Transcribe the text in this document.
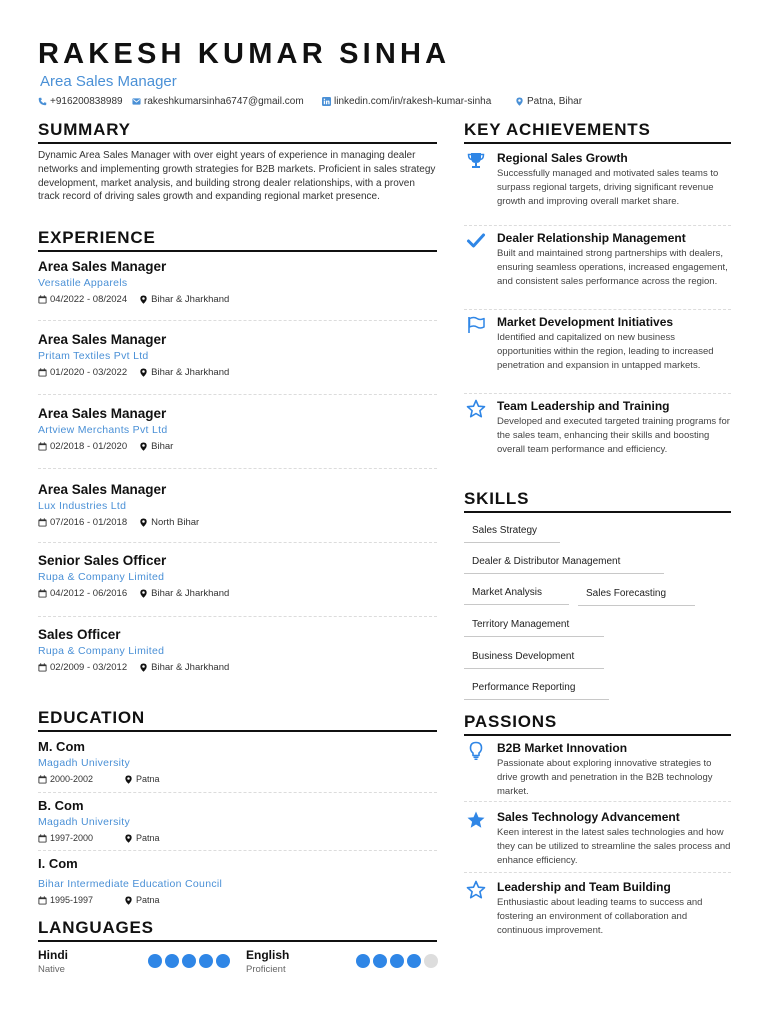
RAKESH KUMAR SINHA
Area Sales Manager
+916200838989 rakeshkumarsinha6747@gmail.com	linkedin.com/in/rakesh-kumar-sinha	Patna, Bihar
SUMMARY
Dynamic Area Sales Manager with over eight years of experience in managing dealer networks and implementing growth strategies for B2B markets. Proficient in sales strategy development, market analysis, and building strong dealer relationships, with a proven track record of driving sales growth and expanding regional market presence.
EXPERIENCE
Area Sales Manager
Versatile Apparels
04/2022 - 08/2024	Bihar & Jharkhand
Area Sales Manager
Pritam Textiles Pvt Ltd
01/2020 - 03/2022	Bihar & Jharkhand
Area Sales Manager
Artview Merchants Pvt Ltd
02/2018 - 01/2020	Bihar
Area Sales Manager
Lux Industries Ltd
07/2016 - 01/2018	North Bihar
Senior Sales Officer
Rupa & Company Limited
04/2012 - 06/2016	Bihar & Jharkhand
Sales Officer
Rupa & Company Limited
02/2009 - 03/2012	Bihar & Jharkhand
EDUCATION
M. Com
Magadh University
2000-2002	Patna
B. Com
Magadh University
1997-2000	Patna
I. Com
Bihar Intermediate Education Council
1995-1997	Patna
LANGUAGES
Hindi
Native
English
Proficient
KEY ACHIEVEMENTS
Regional Sales Growth
Successfully managed and motivated sales teams to surpass regional targets, driving significant revenue growth and improving overall market share.
Dealer Relationship Management
Built and maintained strong partnerships with dealers, ensuring seamless operations, increased engagement, and consistent sales performance across the region.
Market Development Initiatives
Identified and capitalized on new business opportunities within the region, leading to increased penetration and expansion in untapped markets.
Team Leadership and Training
Developed and executed targeted training programs for the sales team, enhancing their skills and boosting overall team performance and efficiency.
SKILLS
Sales Strategy
Dealer & Distributor Management
Market Analysis	Sales Forecasting
Territory Management
Business Development
Performance Reporting
PASSIONS
B2B Market Innovation
Passionate about exploring innovative strategies to drive growth and penetration in the B2B technology market.
Sales Technology Advancement
Keen interest in the latest sales technologies and how they can be utilized to streamline the sales process and enhance efficiency.
Leadership and Team Building
Enthusiastic about leading teams to success and fostering an environment of collaboration and continuous improvement.
